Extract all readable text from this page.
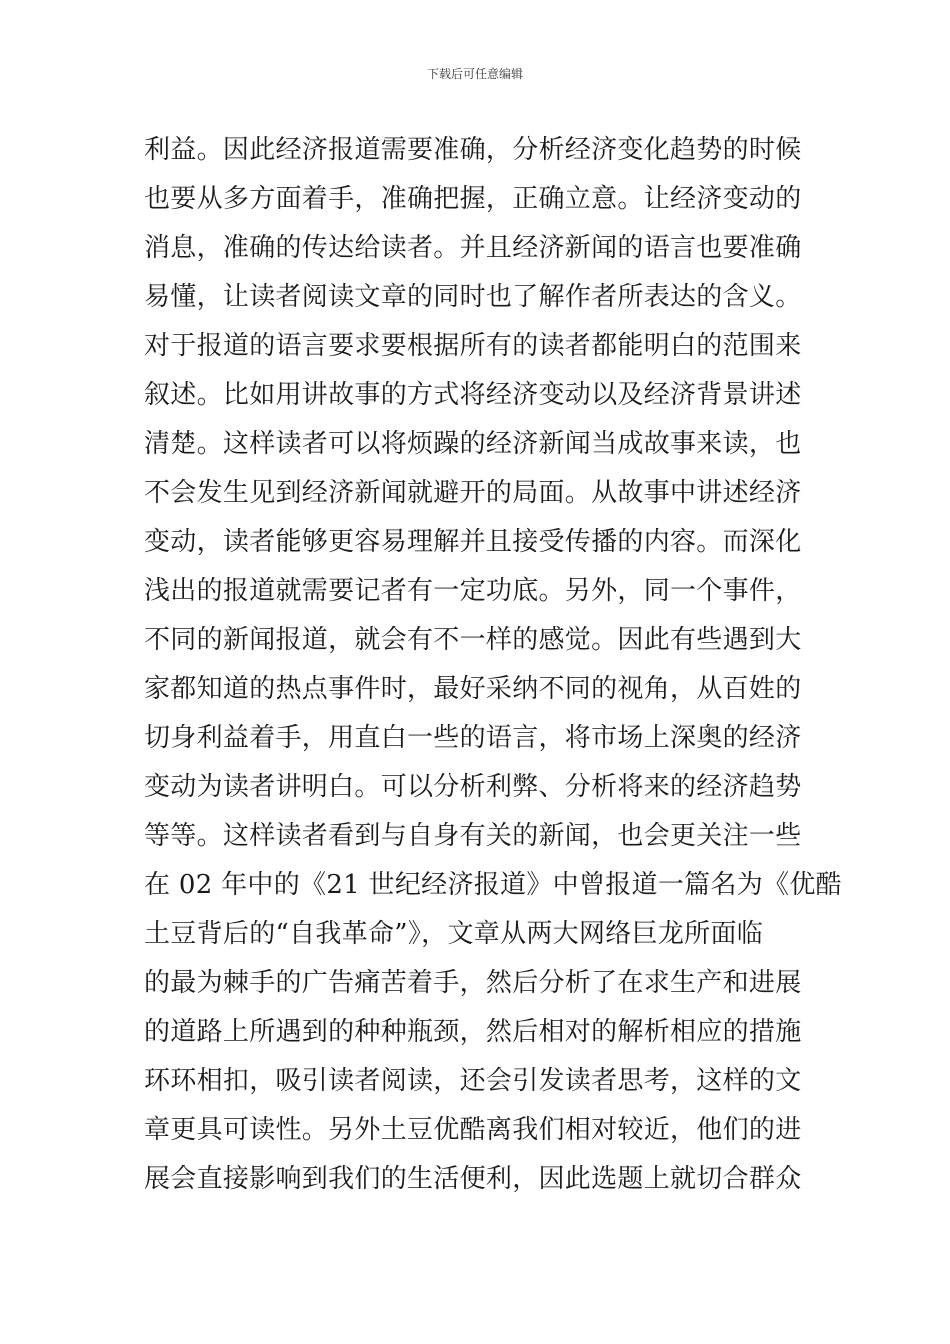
下载后可任意编辑
利益。因此经济报道需要准确，分析经济变化趋势的时候
也要从多方面着手，准确把握，正确立意。让经济变动的
消息，准确的传达给读者。并且经济新闻的语言也要准确
易懂，让读者阅读文章的同时也了解作者所表达的含义。
对于报道的语言要求要根据所有的读者都能明白的范围来
叙述。比如用讲故事的方式将经济变动以及经济背景讲述
清楚。这样读者可以将烦躁的经济新闻当成故事来读，也
不会发生见到经济新闻就避开的局面。从故事中讲述经济
变动，读者能够更容易理解并且接受传播的内容。而深化
浅出的报道就需要记者有一定功底。另外，同一个事件，
不同的新闻报道，就会有不一样的感觉。因此有些遇到大
家都知道的热点事件时，最好采纳不同的视角，从百姓的
切身利益着手，用直白一些的语言，将市场上深奥的经济
变动为读者讲明白。可以分析利弊、分析将来的经济趋势
等等。这样读者看到与自身有关的新闻，也会更关注一些
在 02 年中的《21 世纪经济报道》中曾报道一篇名为《优酷
土豆背后的“自我革命”》，文章从两大网络巨龙所面临
的最为棘手的广告痛苦着手，然后分析了在求生产和进展
的道路上所遇到的种种瓶颈，然后相对的解析相应的措施
环环相扣，吸引读者阅读，还会引发读者思考，这样的文
章更具可读性。另外土豆优酷离我们相对较近，他们的进
展会直接影响到我们的生活便利，因此选题上就切合群众
